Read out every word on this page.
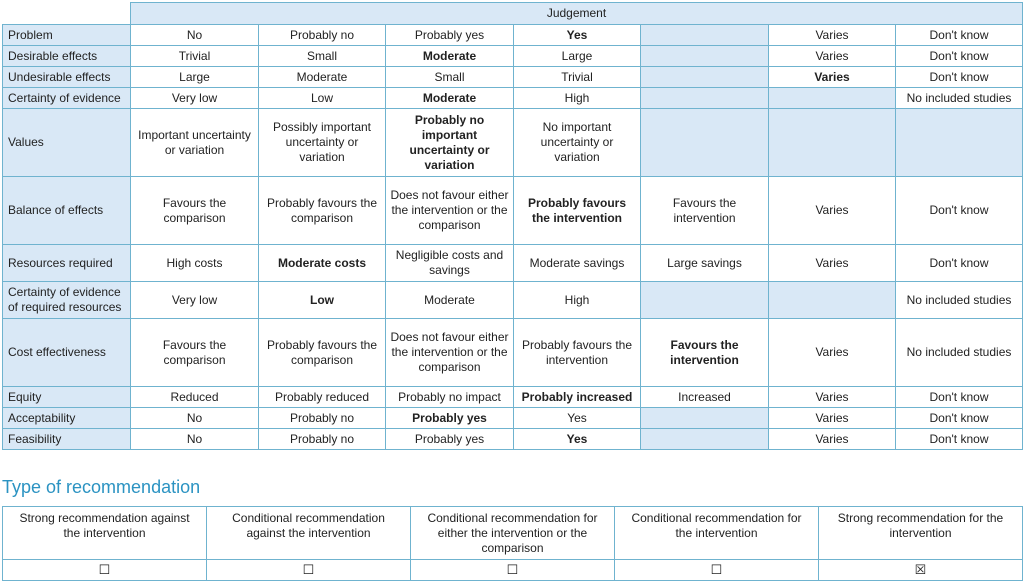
	Judgement						
Problem	No	Probably no	Probably yes	Yes		Varies	Don't know
Desirable effects	Trivial	Small	Moderate	Large		Varies	Don't know
Undesirable effects	Large	Moderate	Small	Trivial		Varies	Don't know
Certainty of evidence	Very low	Low	Moderate	High			No included studies
Values	Important uncertainty or variation	Possibly important uncertainty or variation	Probably no important uncertainty or variation	No important uncertainty or variation			
Balance of effects	Favours the comparison	Probably favours the comparison	Does not favour either the intervention or the comparison	Probably favours the intervention	Favours the intervention	Varies	Don't know
Resources required	High costs	Moderate costs	Negligible costs and savings	Moderate savings	Large savings	Varies	Don't know
Certainty of evidence of required resources	Very low	Low	Moderate	High			No included studies
Cost effectiveness	Favours the comparison	Probably favours the comparison	Does not favour either the intervention or the comparison	Probably favours the intervention	Favours the intervention	Varies	No included studies
Equity	Reduced	Probably reduced	Probably no impact	Probably increased	Increased	Varies	Don't know
Acceptability	No	Probably no	Probably yes	Yes		Varies	Don't know
Feasibility	No	Probably no	Probably yes	Yes		Varies	Don't know
Type of recommendation
Strong recommendation against the intervention	Conditional recommendation against the intervention	Conditional recommendation for either the intervention or the comparison	Conditional recommendation for the intervention	Strong recommendation for the intervention
☐	☐	☐	☐	☒
